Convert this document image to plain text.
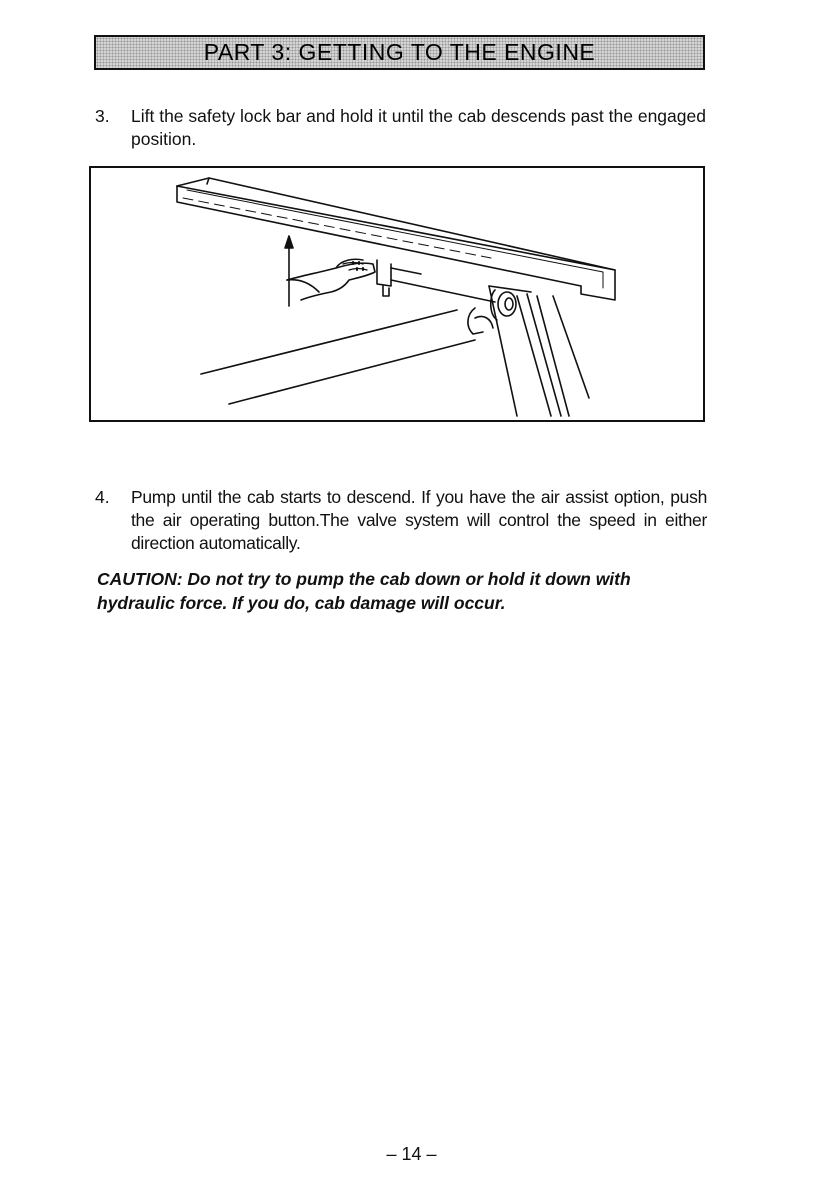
PART 3: GETTING TO THE ENGINE
3. Lift the safety lock bar and hold it until the cab descends past the engaged position.
4. Pump until the cab starts to descend. If you have the air assist option, push the air operating button.The valve system will control the speed in either direction automatically.
CAUTION: Do not try to pump the cab down or hold it down with hydraulic force. If you do, cab damage will occur.
– 14 –
